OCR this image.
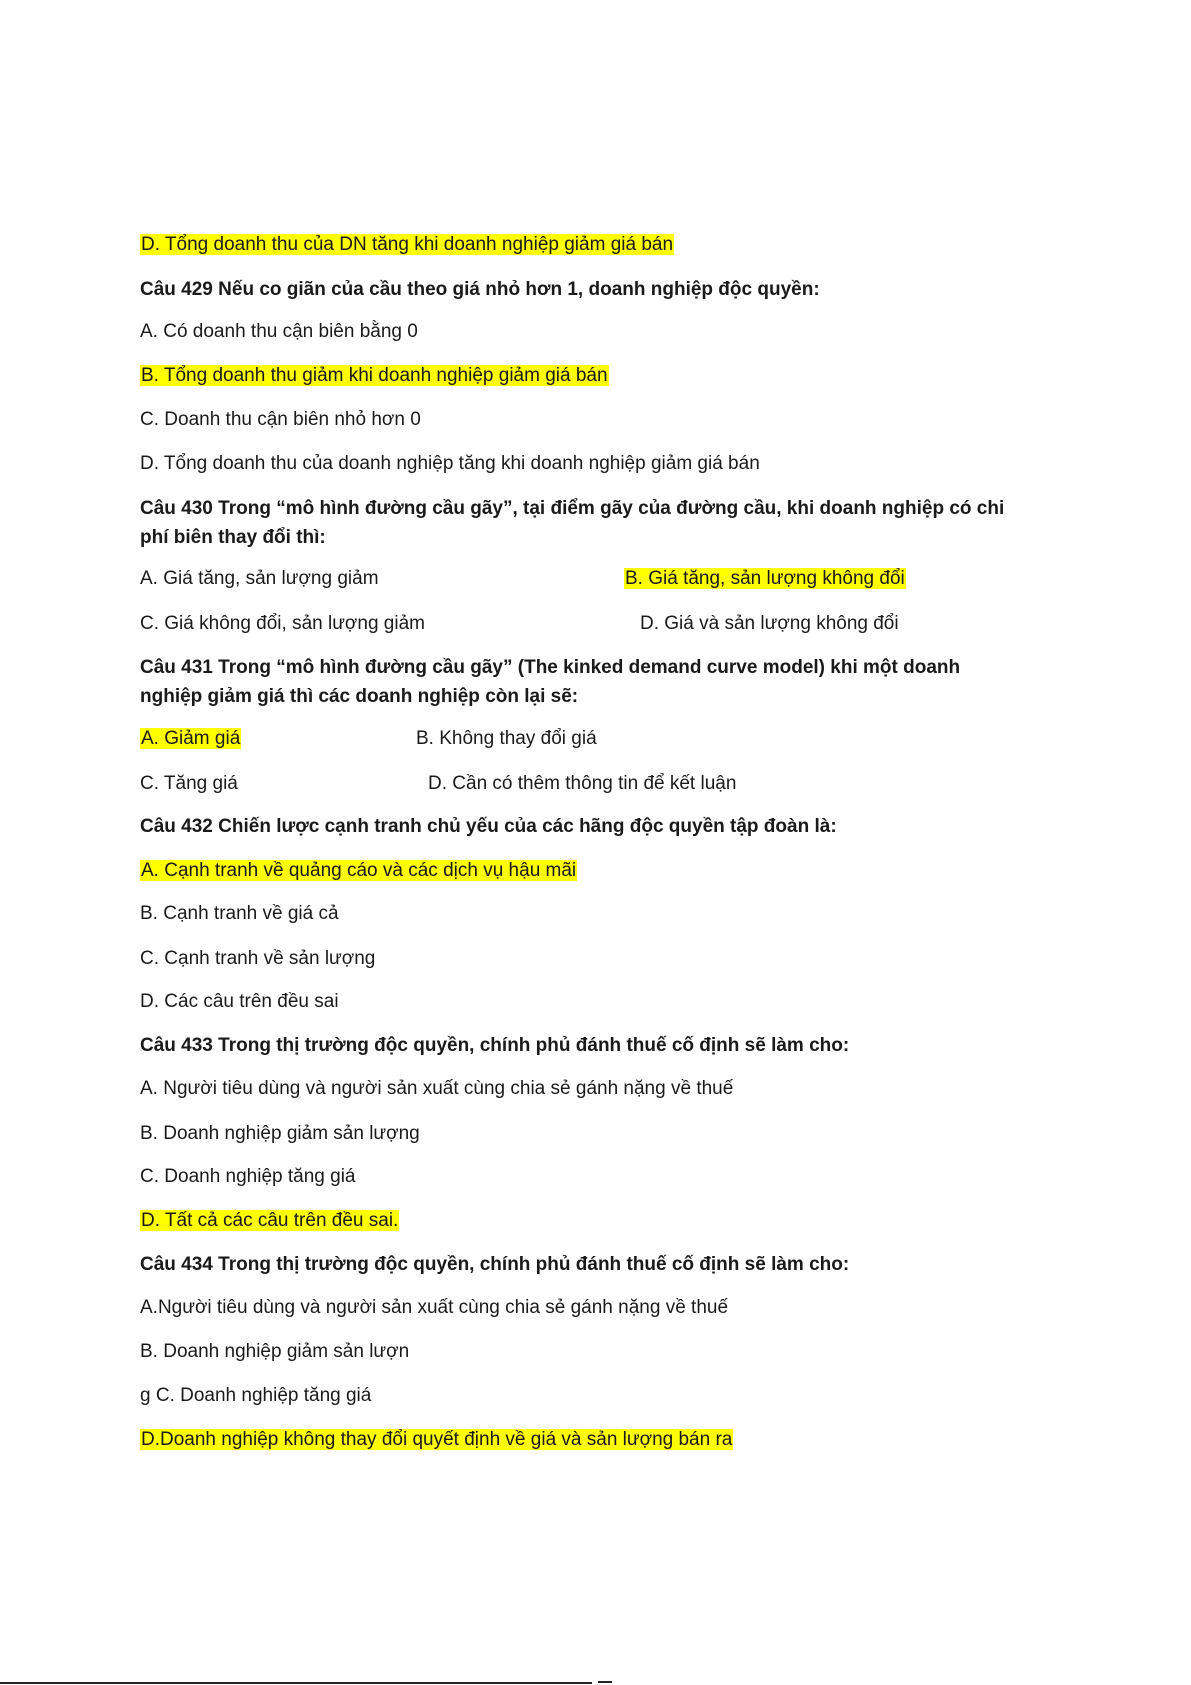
D. Tổng doanh thu của DN tăng khi doanh nghiệp giảm giá bán
Câu 429 Nếu co giãn của cầu theo giá nhỏ hơn 1, doanh nghiệp độc quyền:
A. Có doanh thu cận biên bằng 0
B. Tổng doanh thu giảm khi doanh nghiệp giảm giá bán
C. Doanh thu cận biên nhỏ hơn 0
D. Tổng doanh thu của doanh nghiệp tăng khi doanh nghiệp giảm giá bán
Câu 430 Trong “mô hình đường cầu gãy”, tại điểm gãy của đường cầu, khi doanh nghiệp có chi phí biên thay đổi thì:
A. Giá tăng, sản lượng giảm	B. Giá tăng, sản lượng không đổi
C. Giá không đổi, sản lượng giảm	D. Giá và sản lượng không đổi
Câu 431 Trong “mô hình đường cầu gãy” (The kinked demand curve model) khi một doanh nghiệp giảm giá thì các doanh nghiệp còn lại sẽ:
A. Giảm giá	B. Không thay đổi giá
C. Tăng giá	D. Cần có thêm thông tin để kết luận
Câu 432 Chiến lược cạnh tranh chủ yếu của các hãng độc quyền tập đoàn là:
A. Cạnh tranh về quảng cáo và các dịch vụ hậu mãi
B. Cạnh tranh về giá cả
C. Cạnh tranh về sản lượng
D. Các câu trên đều sai
Câu 433 Trong thị trường độc quyền, chính phủ đánh thuế cố định sẽ làm cho:
A. Người tiêu dùng và người sản xuất cùng chia sẻ gánh nặng về thuế
B. Doanh nghiệp giảm sản lượng
C. Doanh nghiệp tăng giá
D. Tất cả các câu trên đều sai.
Câu 434 Trong thị trường độc quyền, chính phủ đánh thuế cố định sẽ làm cho:
A.Người tiêu dùng và người sản xuất cùng chia sẻ gánh nặng về thuế
B. Doanh nghiệp giảm sản lượn
g C. Doanh nghiệp tăng giá
D.Doanh nghiệp không thay đổi quyết định về giá và sản lượng bán ra
